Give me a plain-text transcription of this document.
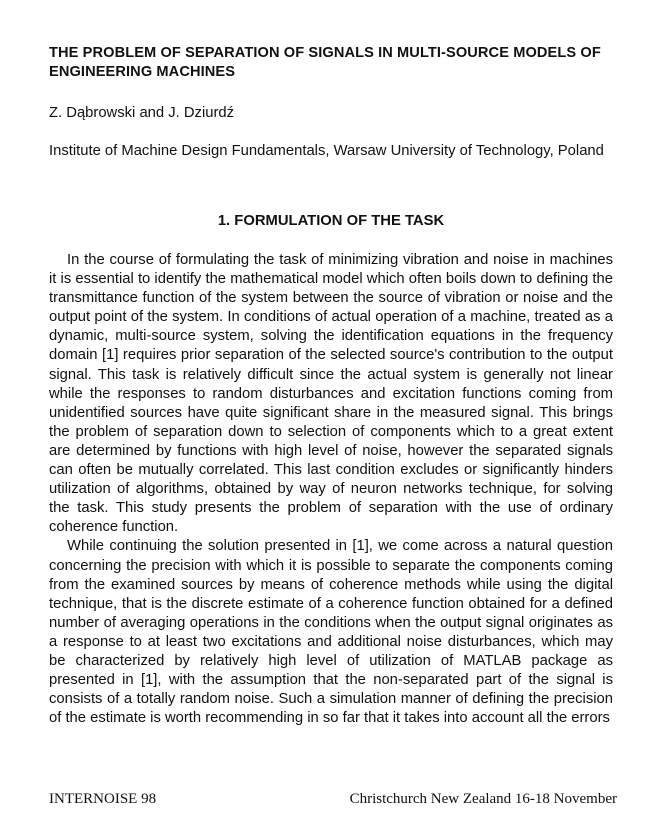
THE PROBLEM OF SEPARATION OF SIGNALS IN MULTI-SOURCE MODELS OF ENGINEERING MACHINES
Z. Dąbrowski and J. Dziurdź
Institute of Machine Design Fundamentals, Warsaw University of Technology, Poland
1. FORMULATION OF THE TASK

In the course of formulating the task of minimizing vibration and noise in machines it is essential to identify the mathematical model which often boils down to defining the transmittance function of the system between the source of vibration or noise and the output point of the system. In conditions of actual operation of a machine, treated as a dynamic, multi-source system, solving the identification equations in the frequency domain [1] requires prior separation of the selected source's contribution to the output signal. This task is relatively difficult since the actual system is generally not linear while the responses to random disturbances and excitation functions coming from unidentified sources have quite significant share in the measured signal. This brings the problem of separation down to selection of components which to a great extent are determined by functions with high level of noise, however the separated signals can often be mutually correlated. This last condition excludes or significantly hinders utilization of algorithms, obtained by way of neuron networks technique, for solving the task. This study presents the problem of separation with the use of ordinary coherence function.

While continuing the solution presented in [1], we come across a natural question concerning the precision with which it is possible to separate the components coming from the examined sources by means of coherence methods while using the digital technique, that is the discrete estimate of a coherence function obtained for a defined number of averaging operations in the conditions when the output signal originates as a response to at least two excitations and additional noise disturbances, which may be characterized by relatively high level of utilization of MATLAB package as presented in [1], with the assumption that the non-separated part of the signal is consists of a totally random noise. Such a simulation manner of defining the precision of the estimate is worth recommending in so far that it takes into account all the errors

INTERNOISE 98	Christchurch New Zealand 16-18 November
